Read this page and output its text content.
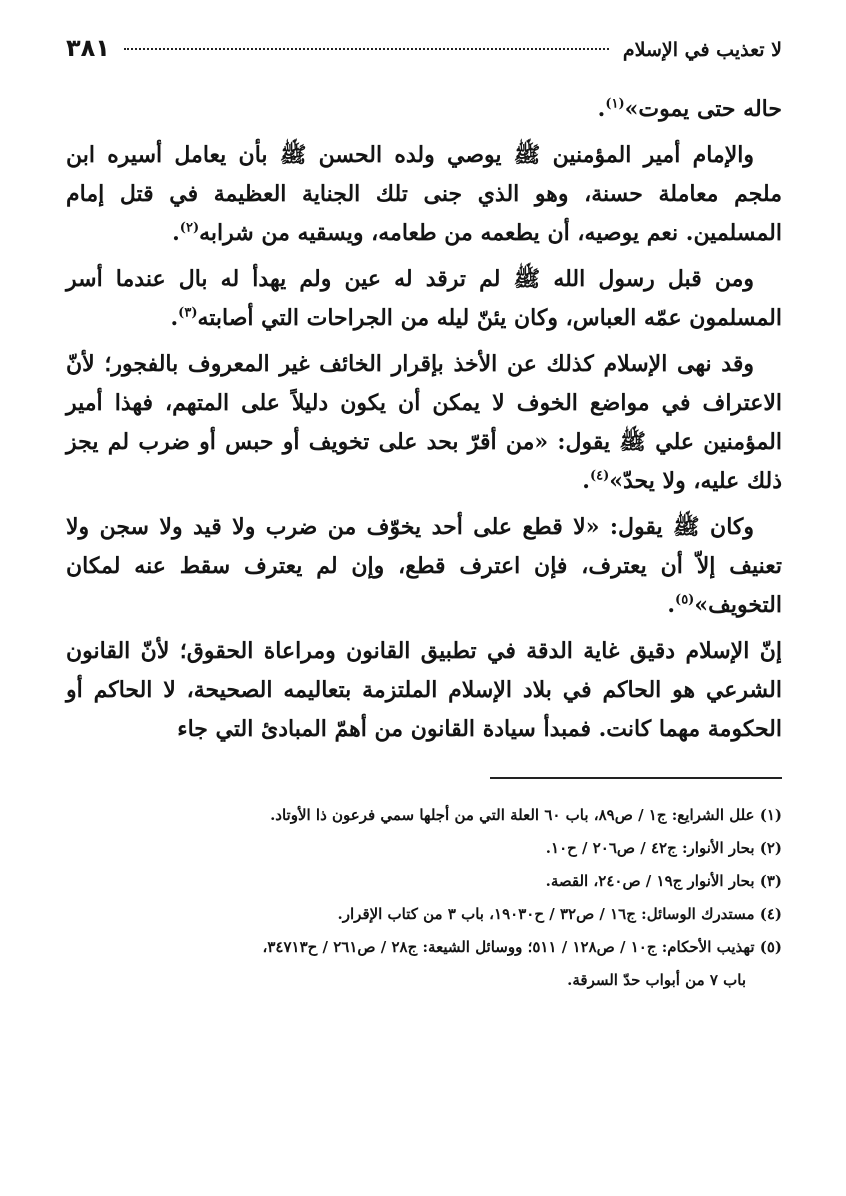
لا تعذيب في الإسلام
٣٨١

حاله حتى يموت»$^{(١)}$.

والإمام أمير المؤمنين ﷺ يوصي ولده الحسن ﷺ بأن يعامل أسيره ابن ملجم معاملة حسنة، وهو الذي جنى تلك الجناية العظيمة في قتل إمام المسلمين. نعم يوصيه، أن يطعمه من طعامه، ويسقيه من شرابه$^{(٢)}$.

ومن قبل رسول الله ﷺ لم ترقد له عين ولم يهدأ له بال عندما أسر المسلمون عمّه العباس، وكان يئنّ ليله من الجراحات التي أصابته$^{(٣)}$.

وقد نهى الإسلام كذلك عن الأخذ بإقرار الخائف غير المعروف بالفجور؛ لأنّ الاعتراف في مواضع الخوف لا يمكن أن يكون دليلاً على المتهم، فهذا أمير المؤمنين علي ﷺ يقول: «من أقرّ بحد على تخويف أو حبس أو ضرب لم يجز ذلك عليه، ولا يحدّ»$^{(٤)}$.

وكان ﷺ يقول: «لا قطع على أحد يخوّف من ضرب ولا قيد ولا سجن ولا تعنيف إلاّ أن يعترف، فإن اعترف قطع، وإن لم يعترف سقط عنه لمكان التخويف»$^{(٥)}$.

إنّ الإسلام دقيق غاية الدقة في تطبيق القانون ومراعاة الحقوق؛ لأنّ القانون الشرعي هو الحاكم في بلاد الإسلام الملتزمة بتعاليمه الصحيحة، لا الحاكم أو الحكومة مهما كانت. فمبدأ سيادة القانون من أهمّ المبادئ التي جاء

(١) علل الشرايع: ج١ / ص٨٩، باب ٦٠ العلة التي من أجلها سمي فرعون ذا الأوتاد.

(٢) بحار الأنوار: ج٤٢ / ص٢٠٦ / ح١٠.

(٣) بحار الأنوار ج١٩ / ص٢٤٠، القصة.

(٤) مستدرك الوسائل: ج١٦ / ص٣٢ / ح١٩٠٣٠، باب ٣ من كتاب الإقرار.

(٥) تهذيب الأحكام: ج١٠ / ص١٢٨ / ٥١١؛ ووسائل الشيعة: ج٢٨ / ص٢٦١ / ح٣٤٧١٣،

باب ٧ من أبواب حدّ السرقة.
